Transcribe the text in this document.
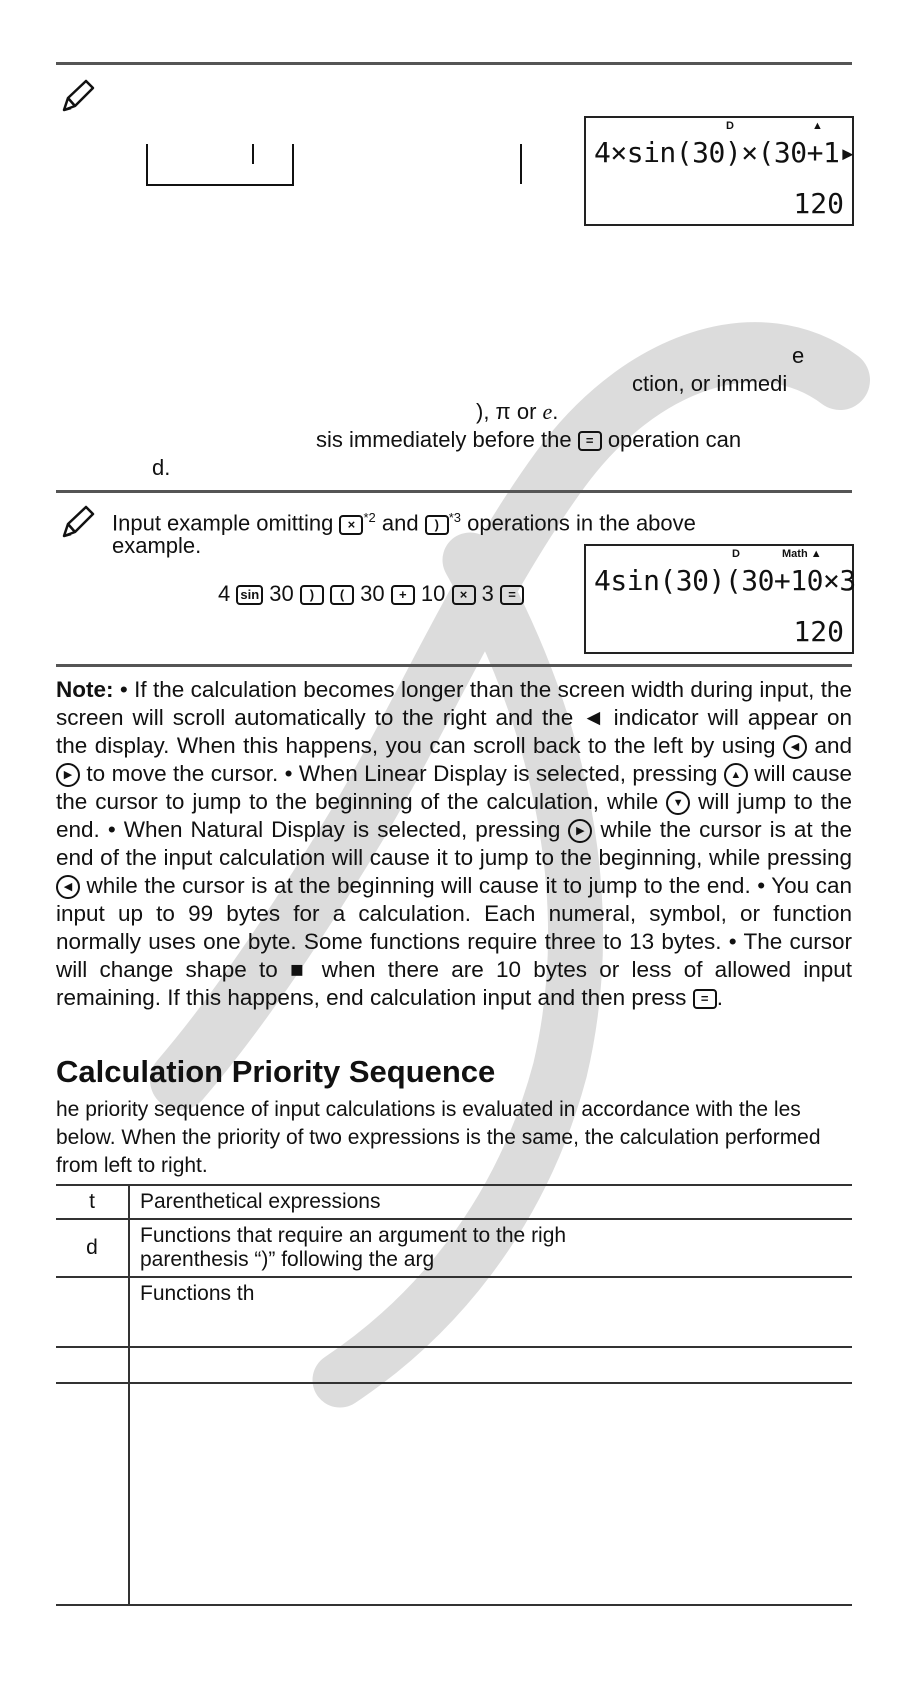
D	▲
4×sin(30)×(30+1▸
120
e
ction, or immedi
), π or e.
sis immediately before the = operation can
d.
Input example omitting × $^{*2}$ and ) $^{*3}$ operations in the above
example.
4 sin 30 ) ( 30 + 10 × 3 =
D	Math ▲
4sin(30)(30+10×3
120
Note: • If the calculation becomes longer than the screen width during input, the screen will scroll automatically to the right and the ◄ indicator will appear on the display. When this happens, you can scroll back to the left by using ◀ and ▶ to move the cursor. • When Linear Display is selected, pressing ▲ will cause the cursor to jump to the beginning of the calculation, while ▼ will jump to the end. • When Natural Display is selected, pressing ▶ while the cursor is at the end of the input calculation will cause it to jump to the beginning, while pressing ◀ while the cursor is at the beginning will cause it to jump to the end. • You can input up to 99 bytes for a calculation. Each numeral, symbol, or function normally uses one byte. Some functions require three to 13 bytes. • The cursor will change shape to ■ when there are 10 bytes or less of allowed input remaining. If this happens, end calculation input and then press = .
Calculation Priority Sequence
he priority sequence of input calculations is evaluated in accordance with the les below. When the priority of two expressions is the same, the calculation performed from left to right.
t	Parenthetical expressions
d	Functions that require an argument to the righ
parenthesis “)” following the arg

	Functions th
